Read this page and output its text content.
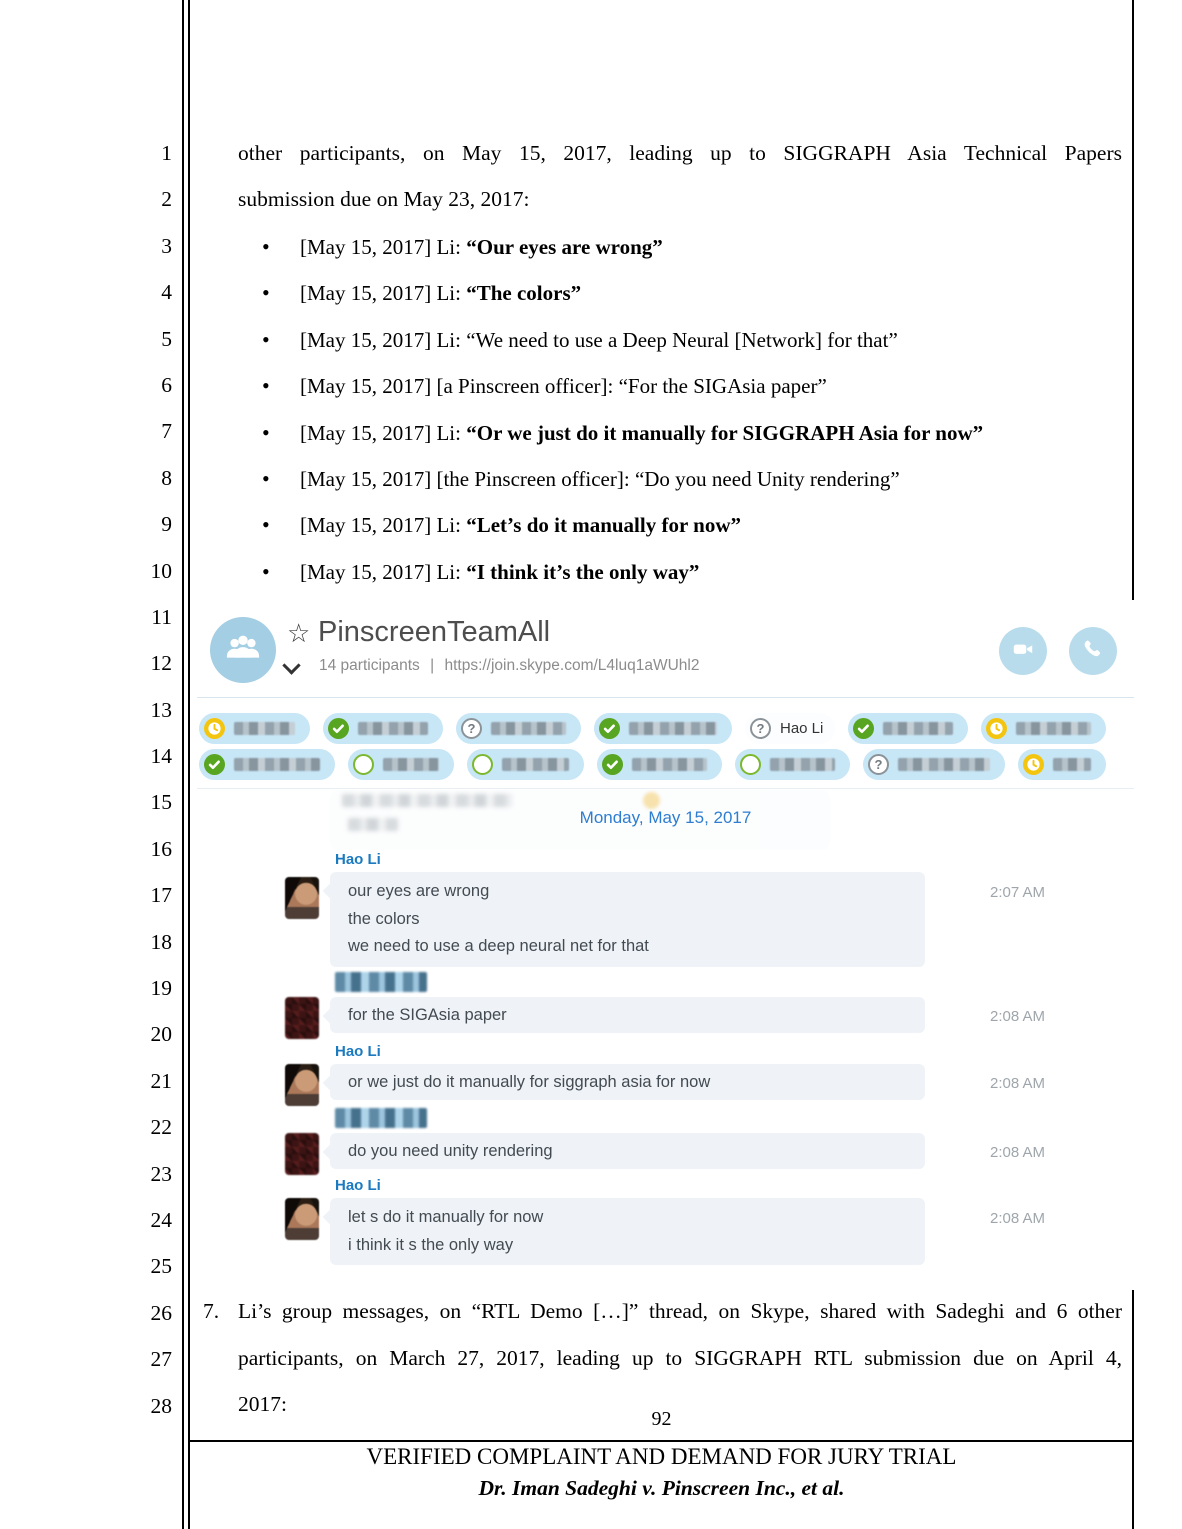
1
2
3
4
5
6
7
8
9
10
11
12
13
14
15
16
17
18
19
20
21
22
23
24
25
26
27
28
other participants, on May 15, 2017, leading up to SIGGRAPH Asia Technical Papers
submission due on May 23, 2017:
• [May 15, 2017] Li: “Our eyes are wrong”
• [May 15, 2017] Li: “The colors”
• [May 15, 2017] Li: “We need to use a Deep Neural [Network] for that”
• [May 15, 2017] [a Pinscreen officer]: “For the SIGAsia paper”
• [May 15, 2017] Li: “Or we just do it manually for SIGGRAPH Asia for now”
• [May 15, 2017] [the Pinscreen officer]: “Do you need Unity rendering”
• [May 15, 2017] Li: “Let’s do it manually for now”
• [May 15, 2017] Li: “I think it’s the only way”
☆ PinscreenTeamAll
14 participants | https://join.skype.com/L4luq1aWUhl2
?	?	Hao Li
?
Monday, May 15, 2017
Hao Li
our eyes are wrong
the colors
we need to use a deep neural net for that
2:07 AM
for the SIGAsia paper	2:08 AM
Hao Li
or we just do it manually for siggraph asia for now	2:08 AM
do you need unity rendering	2:08 AM
Hao Li
let s do it manually for now
i think it s the only way
2:08 AM
7. Li’s group messages, on “RTL Demo […]” thread, on Skype, shared with Sadeghi and 6 other
participants, on March 27, 2017, leading up to SIGGRAPH RTL submission due on April 4,
2017:
92
VERIFIED COMPLAINT AND DEMAND FOR JURY TRIAL
Dr. Iman Sadeghi v. Pinscreen Inc., et al.
